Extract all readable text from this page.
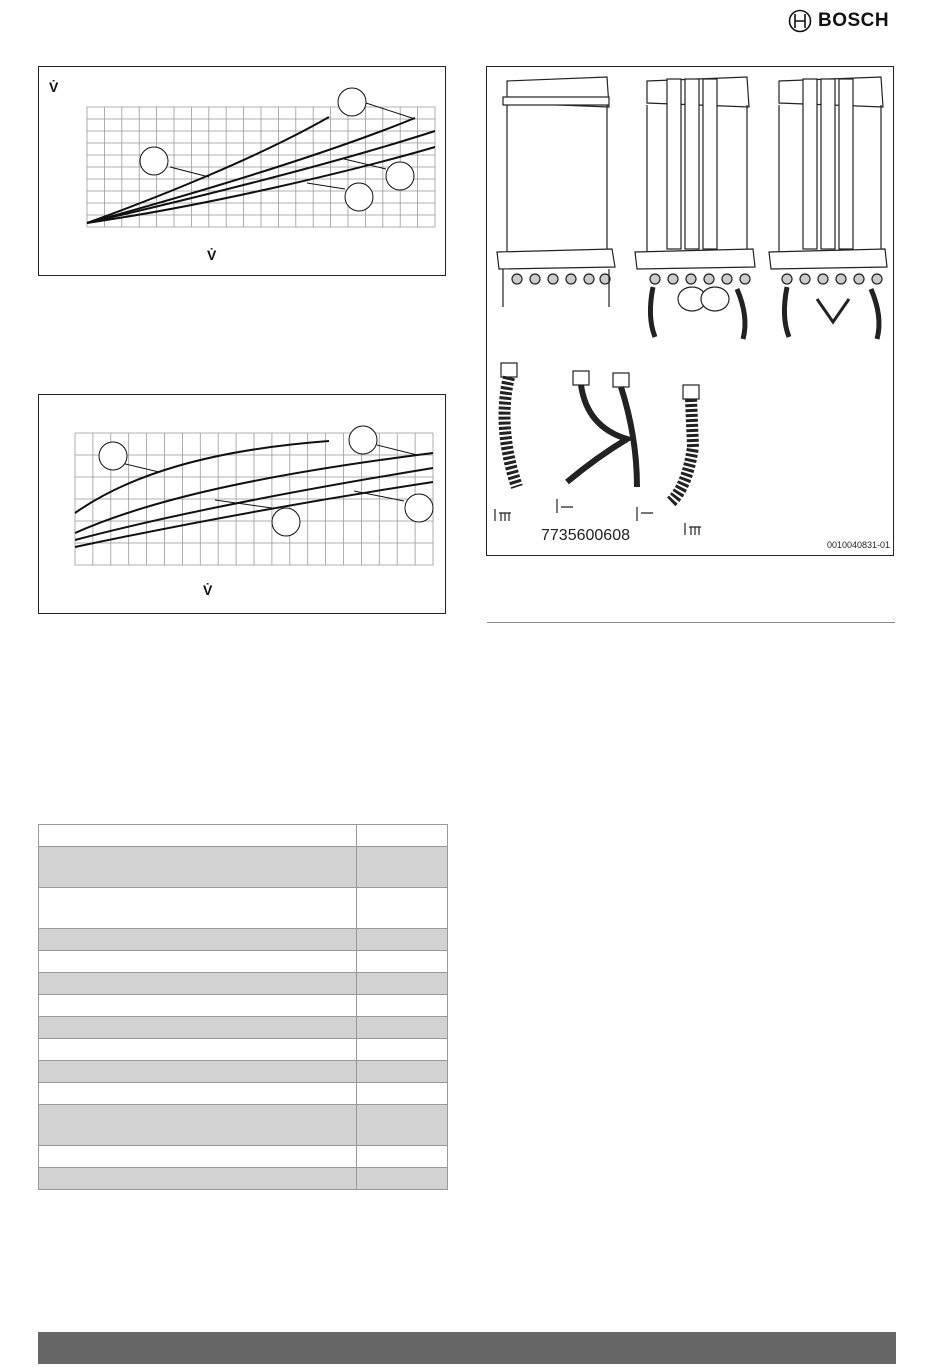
BOSCH
V̇
V̇
V̇
7735600608
0010040831-01
